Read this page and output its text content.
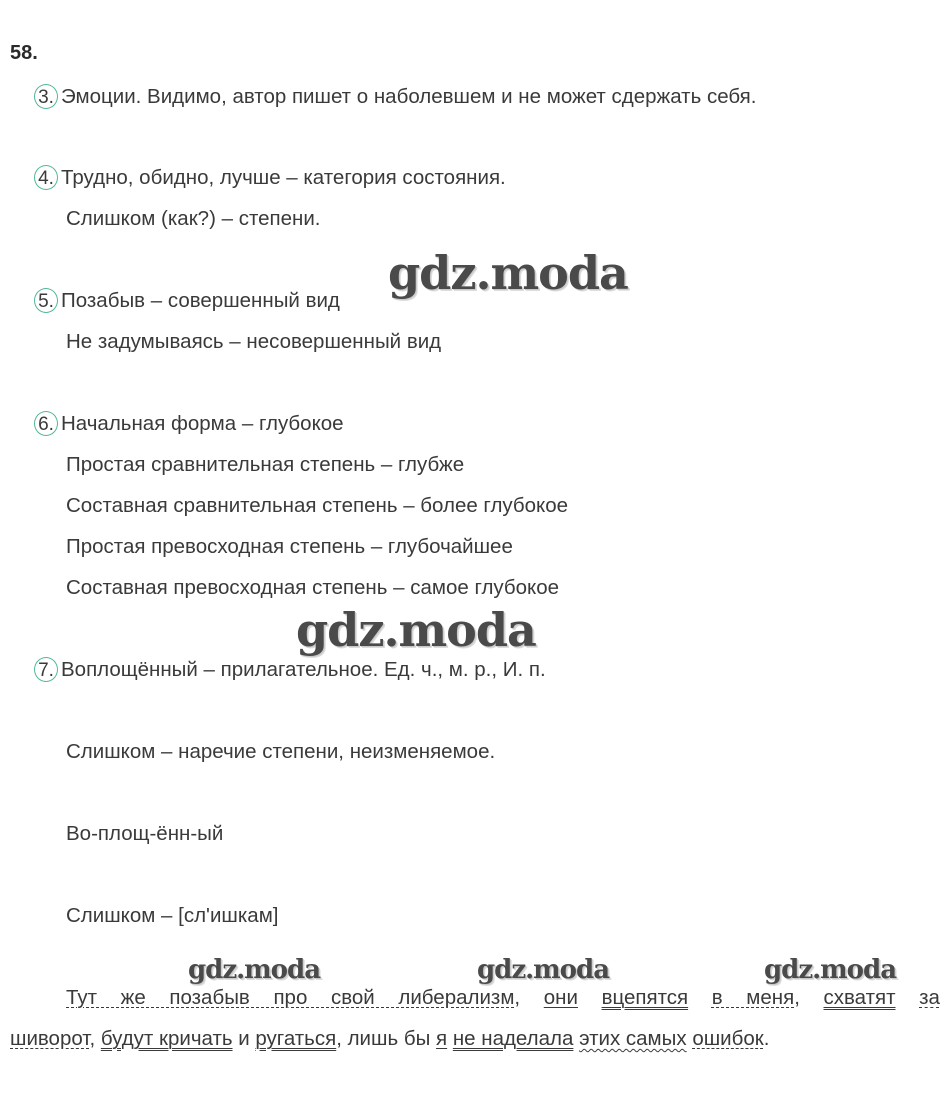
58.
3. Эмоции. Видимо, автор пишет о наболевшем и не может сдержать себя.
4. Трудно, обидно, лучше – категория состояния.
Слишком (как?) – степени.
gdz.moda
5. Позабыв – совершенный вид
Не задумываясь – несовершенный вид
6. Начальная форма – глубокое
Простая сравнительная степень – глубже
Составная сравнительная степень – более глубокое
Простая превосходная степень – глубочайшее
Составная превосходная степень – самое глубокое
gdz.moda
7. Воплощённый – прилагательное. Ед. ч., м. р., И. п.
Слишком – наречие степени, неизменяемое.
Во-площ-ённ-ый
Слишком – [сл'ишкам]
gdz.moda	gdz.moda	gdz.moda
Тут же позабыв про свой либерализм, они вцепятся в меня, схватят за
шиворот, будут кричать и ругаться, лишь бы я не наделала этих самых ошибок.
